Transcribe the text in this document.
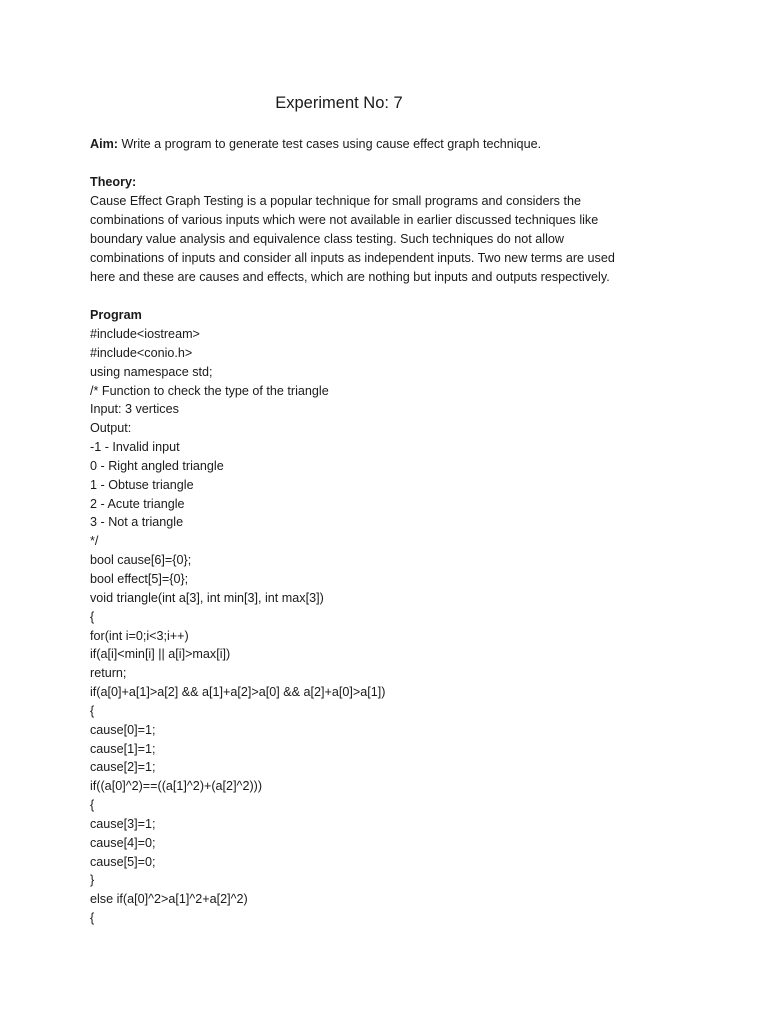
Experiment No: 7

Aim: Write a program to generate test cases using cause effect graph technique.

Theory:

Cause Effect Graph Testing is a popular technique for small programs and considers the
combinations of various inputs which were not available in earlier discussed techniques like
boundary value analysis and equivalence class testing. Such techniques do not allow
combinations of inputs and consider all inputs as independent inputs. Two new terms are used
here and these are causes and effects, which are nothing but inputs and outputs respectively.

Program

#include<iostream>
#include<conio.h>
using namespace std;
/* Function to check the type of the triangle
Input: 3 vertices
Output:
-1 - Invalid input
0 - Right angled triangle
1 - Obtuse triangle
2 - Acute triangle
3 - Not a triangle
*/
bool cause[6]={0};
bool effect[5]={0};
void triangle(int a[3], int min[3], int max[3])
{
for(int i=0;i<3;i++)
if(a[i]<min[i] || a[i]>max[i])
return;
if(a[0]+a[1]>a[2] && a[1]+a[2]>a[0] && a[2]+a[0]>a[1])
{
cause[0]=1;
cause[1]=1;
cause[2]=1;
if((a[0]^2)==((a[1]^2)+(a[2]^2)))
{
cause[3]=1;
cause[4]=0;
cause[5]=0;
}
else if(a[0]^2>a[1]^2+a[2]^2)
{
